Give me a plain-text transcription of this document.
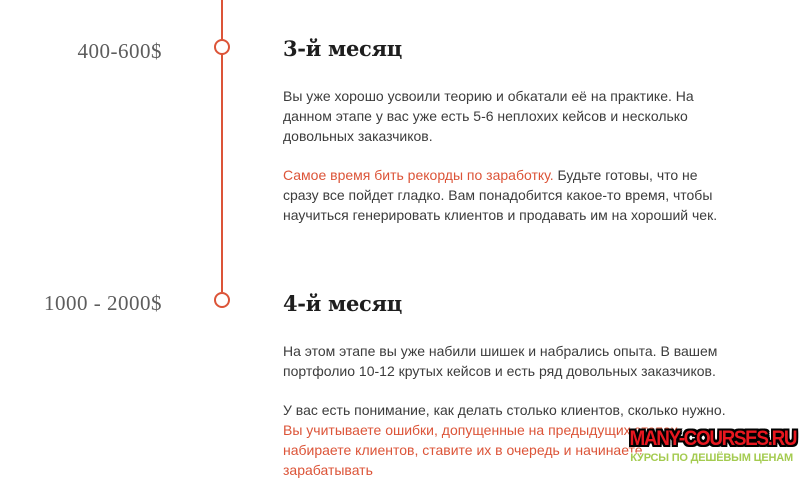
400-600$
1000 - 2000$
3-й месяц

Вы уже хорошо усвоили теорию и обкатали её на практике. На данном этапе у вас уже есть 5-6 неплохих кейсов и несколько довольных заказчиков.

Самое время бить рекорды по заработку. Будьте готовы, что не сразу все пойдет гладко. Вам понадобится какое-то время, чтобы научиться генерировать клиентов и продавать им на хороший чек.

4-й месяц

На этом этапе вы уже набили шишек и набрались опыта. В вашем портфолио 10-12 крутых кейсов и есть ряд довольных заказчиков.

У вас есть понимание, как делать столько клиентов, сколько нужно. Вы учитываете ошибки, допущенные на предыдущих этапах, набираете клиентов, ставите их в очередь и начинаете зарабатывать

MANY-COURSES.RU
КУРСЫ ПО ДЕШЁВЫМ ЦЕНАМ
